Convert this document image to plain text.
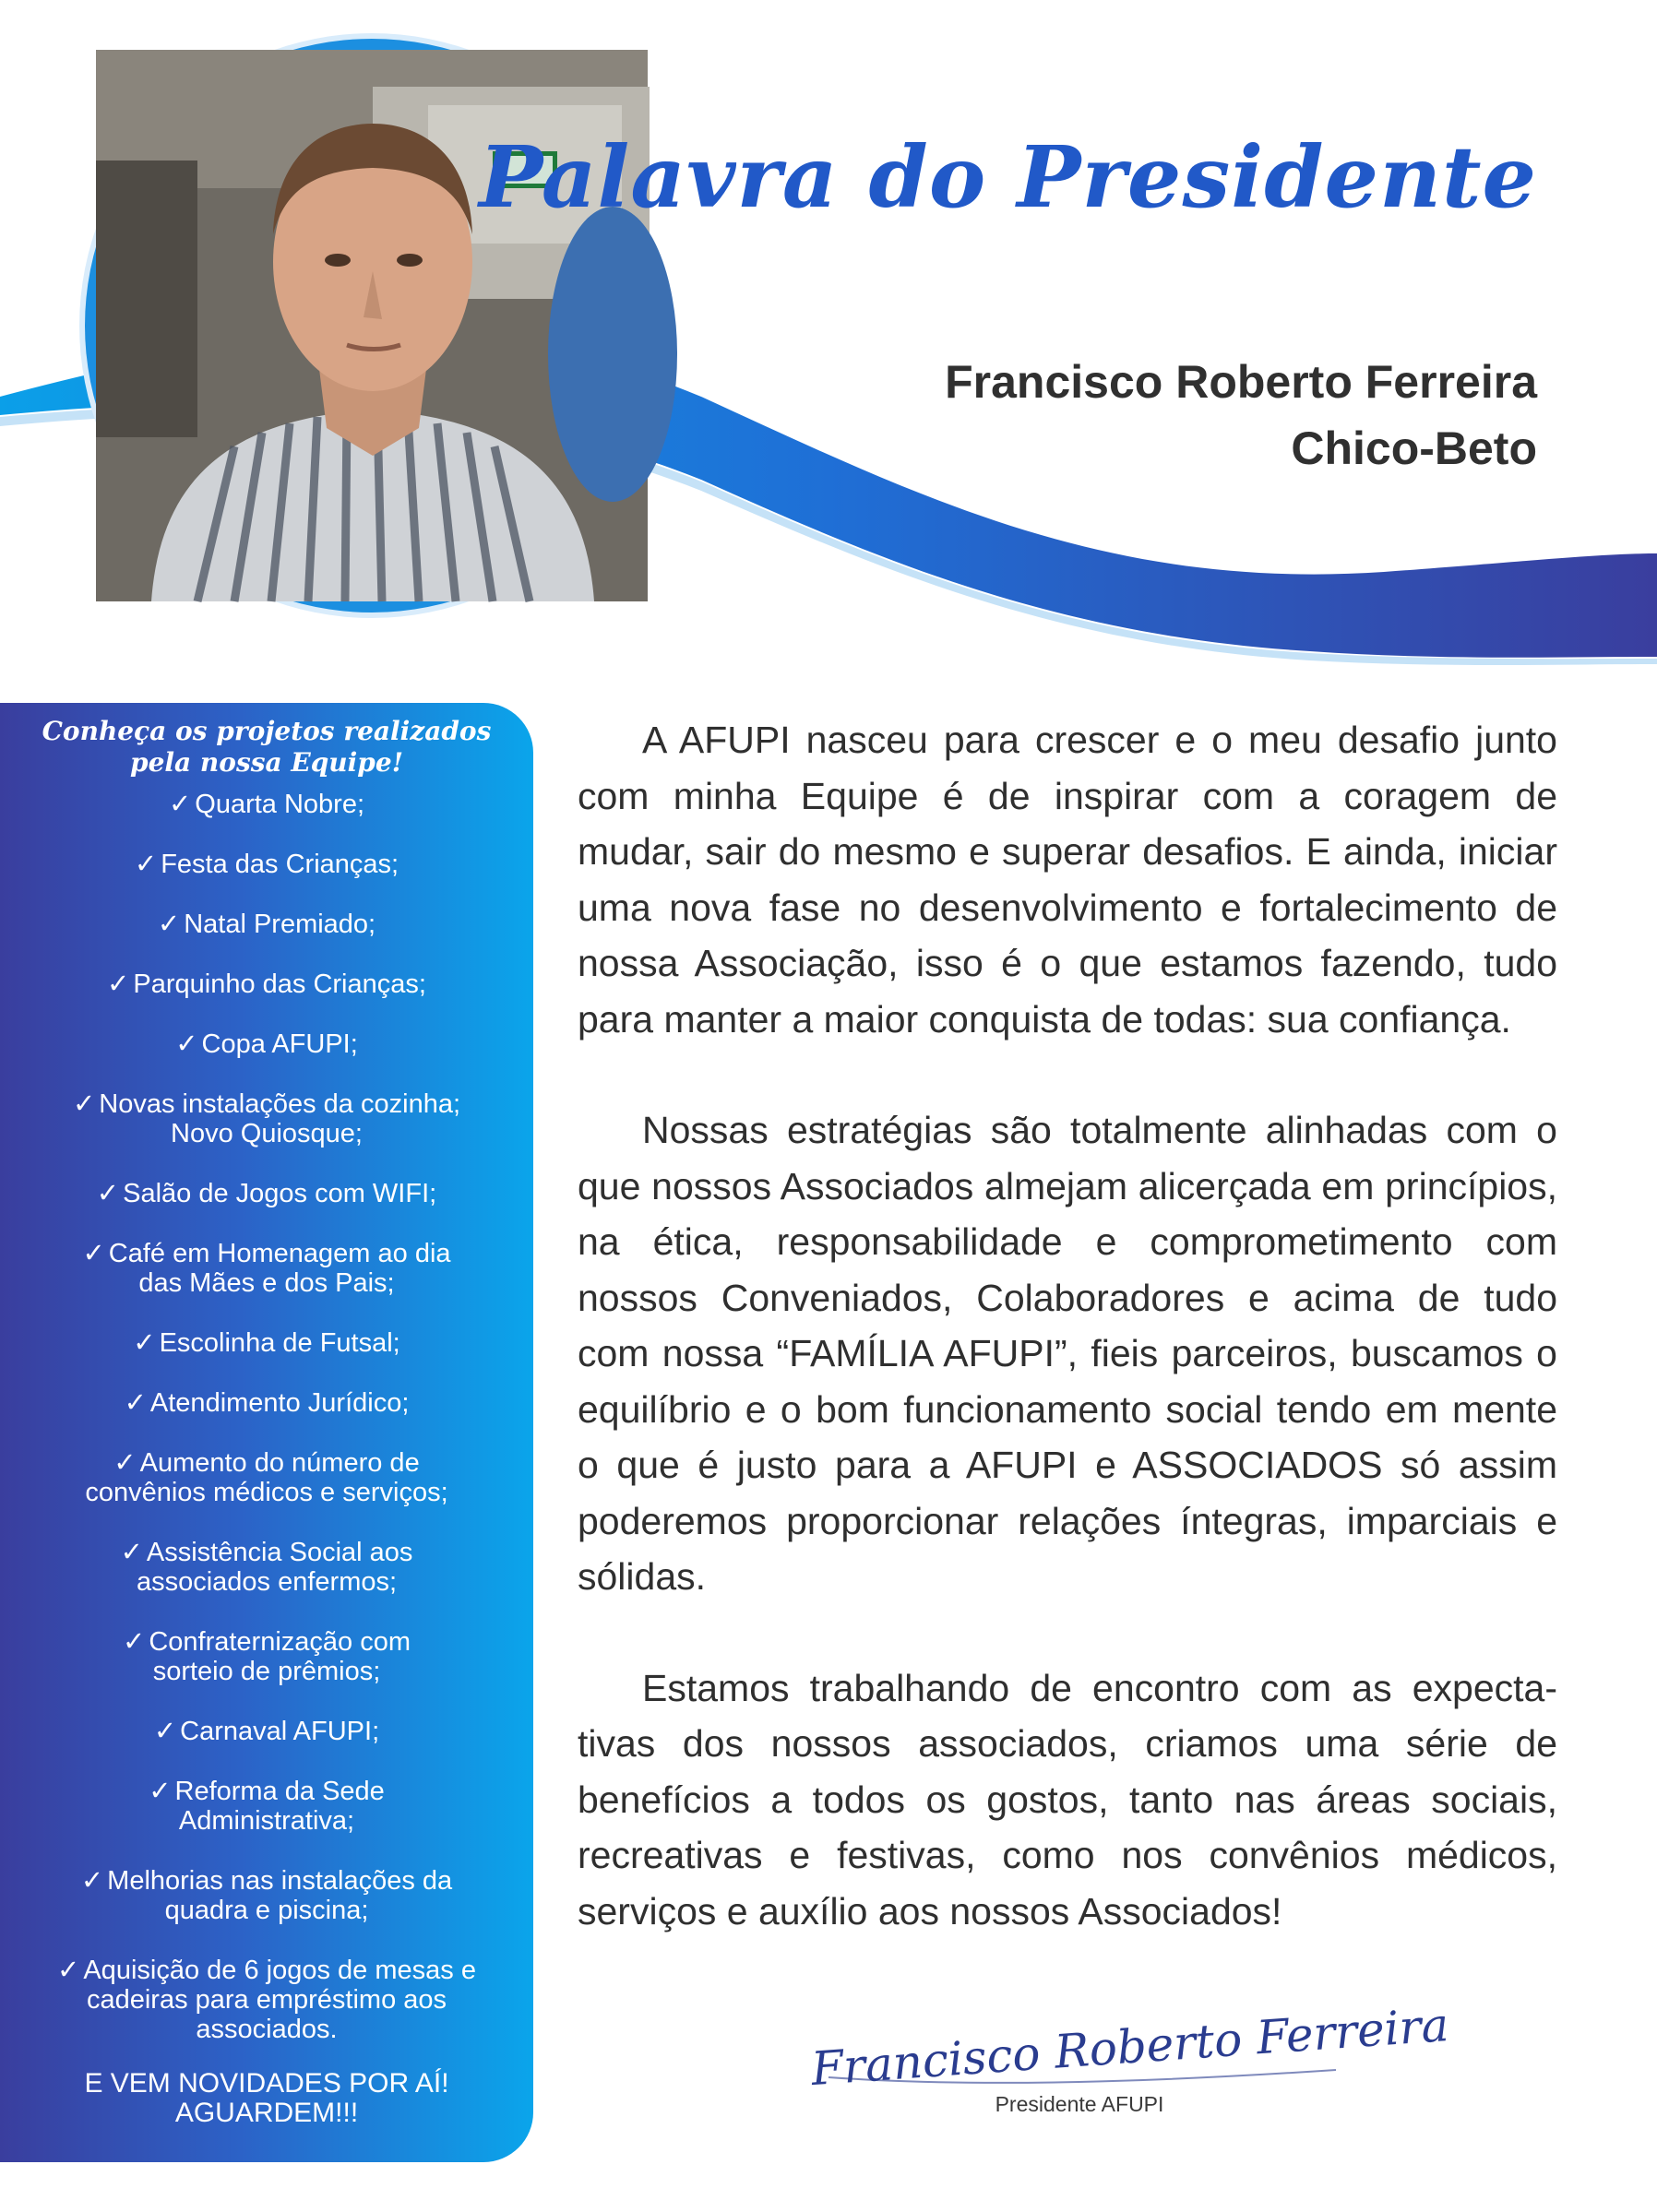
Palavra do Presidente
Francisco Roberto Ferreira
Chico-Beto
Conheça os projetos realizados
pela nossa Equipe!
✓ Quarta Nobre;
✓ Festa das Crianças;
✓ Natal Premiado;
✓ Parquinho das Crianças;
✓ Copa AFUPI;
✓ Novas instalações da cozinha;
Novo Quiosque;
✓ Salão de Jogos com WIFI;
✓ Café em Homenagem ao dia
das Mães e dos Pais;
✓ Escolinha de Futsal;
✓ Atendimento Jurídico;
✓ Aumento do número de
convênios médicos e serviços;
✓ Assistência Social aos
associados enfermos;
✓ Confraternização com
sorteio de prêmios;
✓ Carnaval AFUPI;
✓ Reforma da Sede
Administrativa;
✓ Melhorias nas instalações da
quadra e piscina;
✓ Aquisição de 6 jogos de mesas e
cadeiras para empréstimo aos
associados.
E VEM NOVIDADES POR AÍ!
AGUARDEM!!!

A AFUPI nasceu para crescer e o meu desafio junto com minha Equipe é de inspirar com a coragem de mudar, sair do mesmo e superar desafios. E ainda, iniciar uma nova fase no desenvolvimento e fortalecimento de nossa Associação, isso é o que estamos fazendo, tudo para manter a maior conquista de todas: sua confiança.

Nossas estratégias são totalmente alinhadas com o que nossos Associados almejam alicerçada em princípios, na ética, responsabilidade e comprometimento com nossos Conveniados, Colaboradores e acima de tudo com nossa “FAMÍLIA AFUPI”, fieis parceiros, buscamos o equilíbrio e o bom funcionamento social tendo em mente o que é justo para a AFUPI e ASSOCIADOS só assim poderemos proporcionar relações íntegras, imparciais e sólidas.

Estamos trabalhando de encontro com as expectativas dos nossos associados, criamos uma série de benefícios a todos os gostos, tanto nas áreas sociais, recreativas e festivas, como nos convênios médicos, serviços e auxílio aos nossos Associados!

Francisco Roberto Ferreira
Presidente AFUPI
